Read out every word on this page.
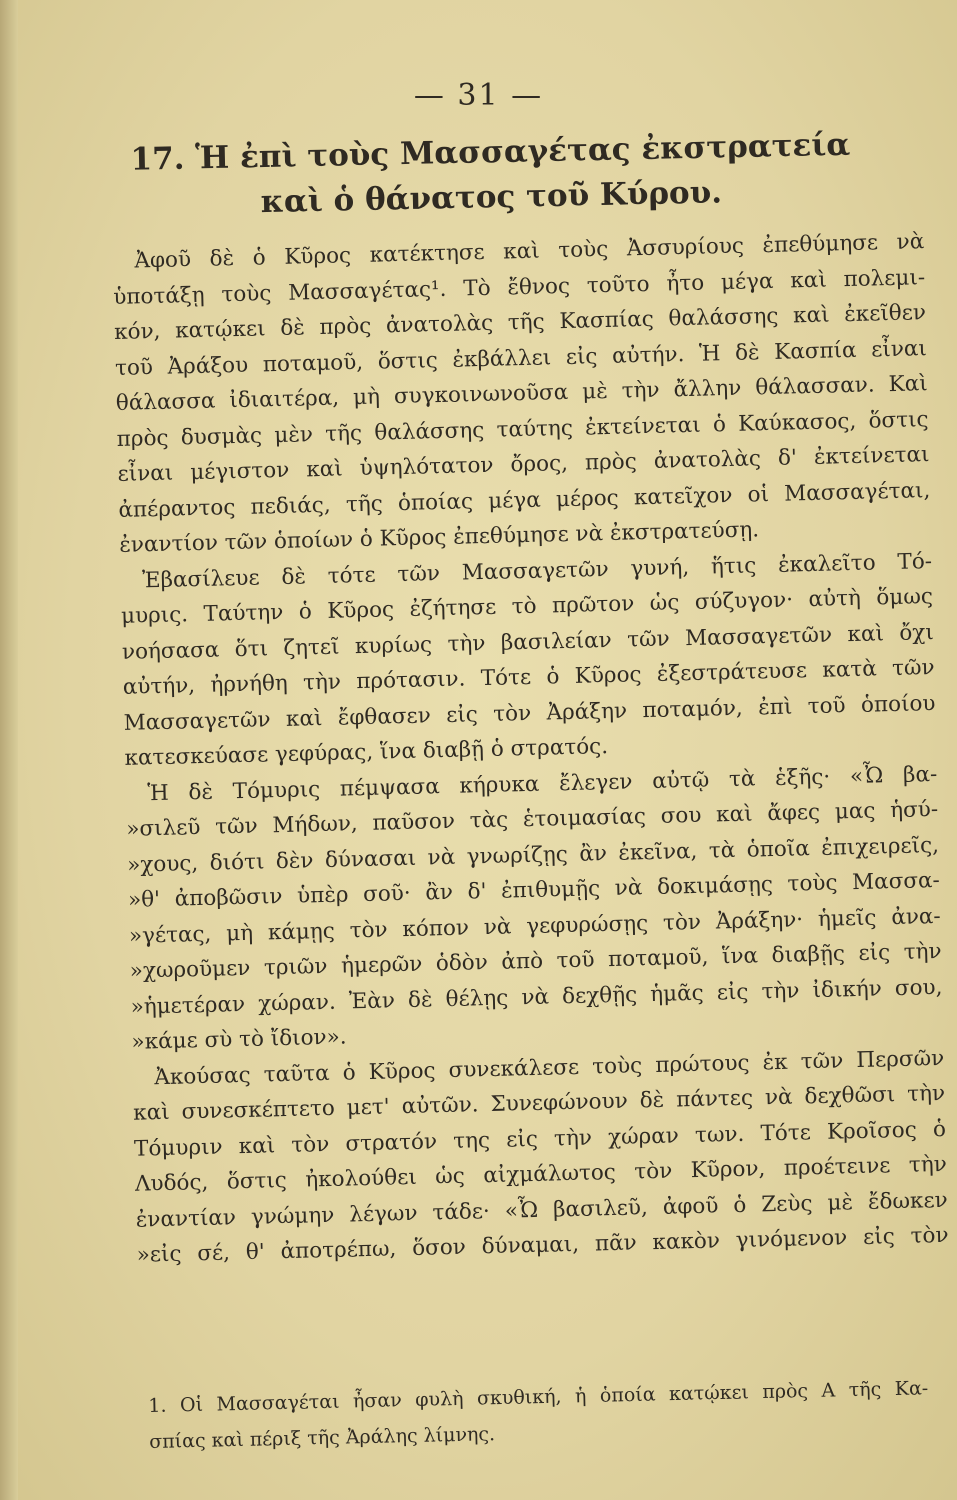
— 31 —
17. Ἡ ἐπὶ τοὺς Μασσαγέτας ἐκστρατεία
καὶ ὁ θάνατος τοῦ Κύρου.
Ἀφοῦ δὲ ὁ Κῦρος κατέκτησε καὶ τοὺς Ἀσσυρίους ἐπεθύμησε νὰ
ὑποτάξῃ τοὺς Μασσαγέτας¹. Τὸ ἔθνος τοῦτο ἦτο μέγα καὶ πολεμι-
κόν, κατῴκει δὲ πρὸς ἀνατολὰς τῆς Κασπίας θαλάσσης καὶ ἐκεῖθεν
τοῦ Ἀράξου ποταμοῦ, ὅστις ἐκβάλλει εἰς αὐτήν. Ἡ δὲ Κασπία εἶναι
θάλασσα ἰδιαιτέρα, μὴ συγκοινωνοῦσα μὲ τὴν ἄλλην θάλασσαν. Καὶ
πρὸς δυσμὰς μὲν τῆς θαλάσσης ταύτης ἐκτείνεται ὁ Καύκασος, ὅστις
εἶναι μέγιστον καὶ ὑψηλότατον ὄρος, πρὸς ἀνατολὰς δ' ἐκτείνεται
ἀπέραντος πεδιάς, τῆς ὁποίας μέγα μέρος κατεῖχον οἱ Μασσαγέται,
ἐναντίον τῶν ὁποίων ὁ Κῦρος ἐπεθύμησε νὰ ἐκστρατεύσῃ.
Ἐβασίλευε δὲ τότε τῶν Μασσαγετῶν γυνή, ἥτις ἐκαλεῖτο Τό-
μυρις. Ταύτην ὁ Κῦρος ἐζήτησε τὸ πρῶτον ὡς σύζυγον· αὐτὴ ὅμως
νοήσασα ὅτι ζητεῖ κυρίως τὴν βασιλείαν τῶν Μασσαγετῶν καὶ ὄχι
αὐτήν, ἠρνήθη τὴν πρότασιν. Τότε ὁ Κῦρος ἐξεστράτευσε κατὰ τῶν
Μασσαγετῶν καὶ ἔφθασεν εἰς τὸν Ἀράξην ποταμόν, ἐπὶ τοῦ ὁποίου
κατεσκεύασε γεφύρας, ἵνα διαβῇ ὁ στρατός.
Ἡ δὲ Τόμυρις πέμψασα κήρυκα ἔλεγεν αὐτῷ τὰ ἑξῆς· «Ὦ βα-
»σιλεῦ τῶν Μήδων, παῦσον τὰς ἑτοιμασίας σου καὶ ἄφες μας ἡσύ-
»χους, διότι δὲν δύνασαι νὰ γνωρίζῃς ἂν ἐκεῖνα, τὰ ὁποῖα ἐπιχειρεῖς,
»θ' ἀποβῶσιν ὑπὲρ σοῦ· ἂν δ' ἐπιθυμῇς νὰ δοκιμάσῃς τοὺς Μασσα-
»γέτας, μὴ κάμῃς τὸν κόπον νὰ γεφυρώσῃς τὸν Ἀράξην· ἡμεῖς ἀνα-
»χωροῦμεν τριῶν ἡμερῶν ὁδὸν ἀπὸ τοῦ ποταμοῦ, ἵνα διαβῇς εἰς τὴν
»ἡμετέραν χώραν. Ἐὰν δὲ θέλῃς νὰ δεχθῇς ἡμᾶς εἰς τὴν ἰδικήν σου,
»κάμε σὺ τὸ ἴδιον».
Ἀκούσας ταῦτα ὁ Κῦρος συνεκάλεσε τοὺς πρώτους ἐκ τῶν Περσῶν
καὶ συνεσκέπτετο μετ' αὐτῶν. Συνεφώνουν δὲ πάντες νὰ δεχθῶσι τὴν
Τόμυριν καὶ τὸν στρατόν της εἰς τὴν χώραν των. Τότε Κροῖσος ὁ
Λυδός, ὅστις ἠκολούθει ὡς αἰχμάλωτος τὸν Κῦρον, προέτεινε τὴν
ἐναντίαν γνώμην λέγων τάδε· «Ὦ βασιλεῦ, ἀφοῦ ὁ Ζεὺς μὲ ἔδωκεν
»εἰς σέ, θ' ἀποτρέπω, ὅσον δύναμαι, πᾶν κακὸν γινόμενον εἰς τὸν
1. Οἱ Μασσαγέται ἦσαν φυλὴ σκυθική, ἡ ὁποία κατῴκει πρὸς Α τῆς Κα-
σπίας καὶ πέριξ τῆς Ἀράλης λίμνης.
